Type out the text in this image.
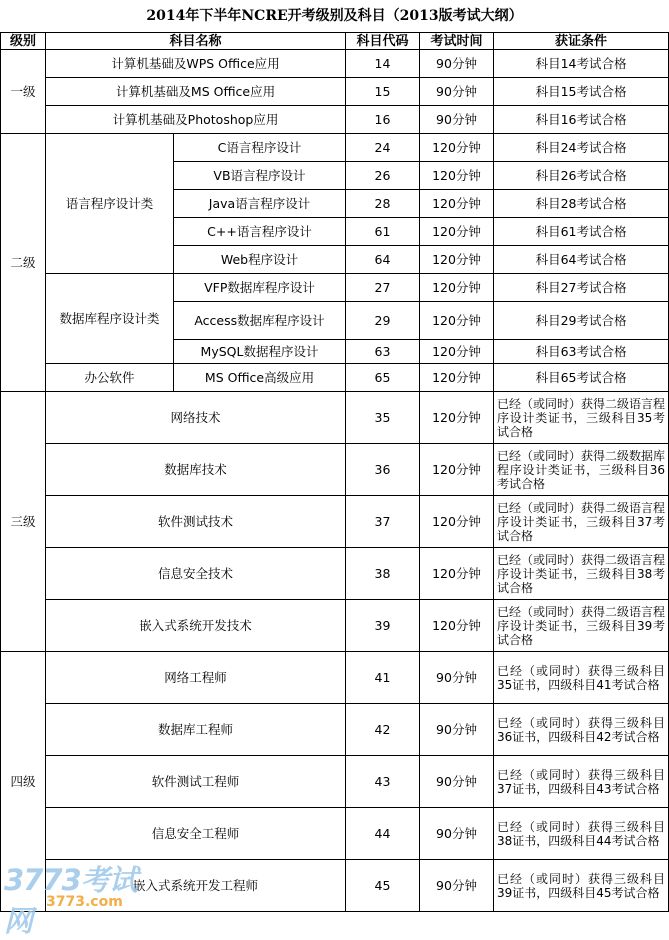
2014年下半年NCRE开考级别及科目（2013版考试大纲）					
级别	科目名称		科目代码	考试时间	获证条件
一级	计算机基础及WPS Office应用		14	90分钟	科目14考试合格
	计算机基础及MS Office应用		15	90分钟	科目15考试合格
	计算机基础及Photoshop应用		16	90分钟	科目16考试合格
二级	语言程序设计类	C语言程序设计	24	120分钟	科目24考试合格
		VB语言程序设计	26	120分钟	科目26考试合格
		Java语言程序设计	28	120分钟	科目28考试合格
		C++语言程序设计	61	120分钟	科目61考试合格
		Web程序设计	64	120分钟	科目64考试合格
	数据库程序设计类	VFP数据库程序设计	27	120分钟	科目27考试合格
		Access数据库程序设计	29	120分钟	科目29考试合格
		MySQL数据程序设计	63	120分钟	科目63考试合格
	办公软件	MS Office高级应用	65	120分钟	科目65考试合格
三级	网络技术		35	120分钟	已经（或同时）获得二级语言程序设计类证书，三级科目35考试合格
	数据库技术		36	120分钟	已经（或同时）获得二级数据库程序设计类证书，三级科目36考试合格
	软件测试技术		37	120分钟	已经（或同时）获得二级语言程序设计类证书，三级科目37考试合格
	信息安全技术		38	120分钟	已经（或同时）获得二级语言程序设计类证书，三级科目38考试合格
	嵌入式系统开发技术		39	120分钟	已经（或同时）获得二级语言程序设计类证书，三级科目39考试合格
四级	网络工程师		41	90分钟	已经（或同时）获得三级科目35证书，四级科目41考试合格
	数据库工程师		42	90分钟	已经（或同时）获得三级科目36证书，四级科目42考试合格
	软件测试工程师		43	90分钟	已经（或同时）获得三级科目37证书，四级科目43考试合格
	信息安全工程师		44	90分钟	已经（或同时）获得三级科目38证书，四级科目44考试合格
	嵌入式系统开发工程师		45	90分钟	已经（或同时）获得三级科目39证书，四级科目45考试合格
3773考试网
3773.com
